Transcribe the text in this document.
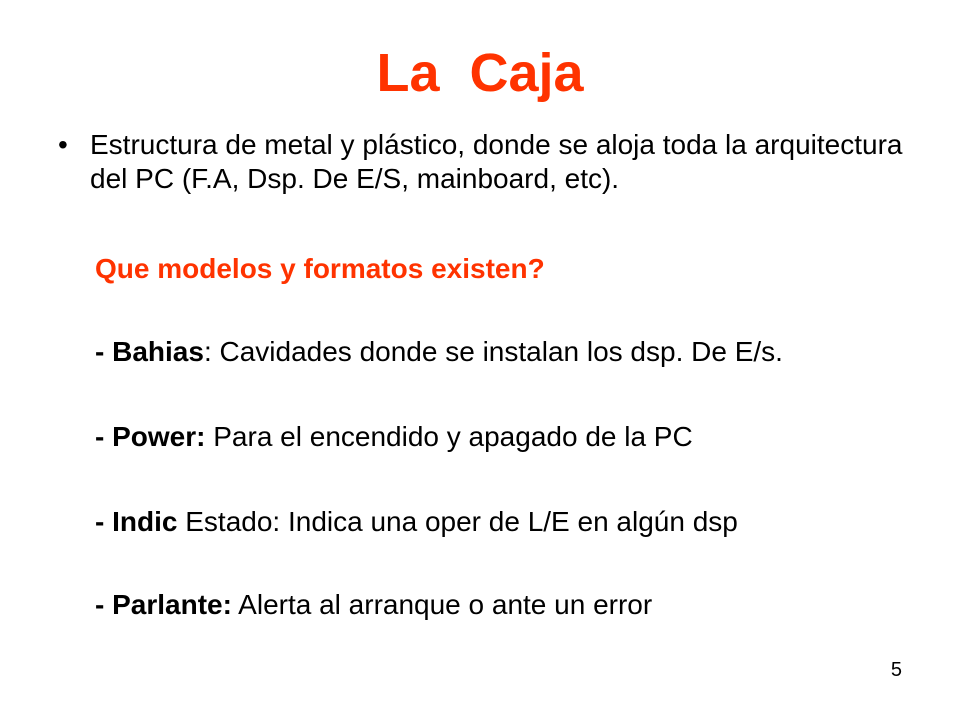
La  Caja
• Estructura de metal y plástico, donde se aloja toda la arquitectura del PC (F.A, Dsp. De E/S, mainboard, etc).
Que modelos y formatos existen?
- Bahias: Cavidades donde se instalan los dsp. De E/s.
- Power: Para el encendido y apagado de la PC
- Indic Estado: Indica una oper de L/E en algún dsp
- Parlante: Alerta al arranque o ante un error
5
